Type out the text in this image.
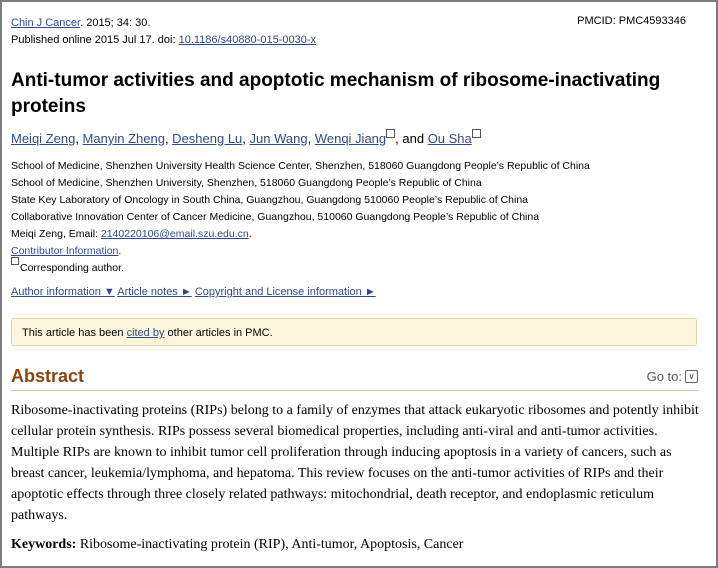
Chin J Cancer. 2015; 34: 30.
Published online 2015 Jul 17. doi: 10.1186/s40880-015-0030-x
PMCID: PMC4593346
Anti-tumor activities and apoptotic mechanism of ribosome-inactivating proteins
Meiqi Zeng, Manyin Zheng, Desheng Lu, Jun Wang, Wenqi Jiang , and Ou Sha
School of Medicine, Shenzhen University Health Science Center, Shenzhen, 518060 Guangdong People’s Republic of China
School of Medicine, Shenzhen University, Shenzhen, 518060 Guangdong People’s Republic of China
State Key Laboratory of Oncology in South China, Guangzhou, Guangdong 510060 People’s Republic of China
Collaborative Innovation Center of Cancer Medicine, Guangzhou, 510060 Guangdong People’s Republic of China
Meiqi Zeng, Email: 2140220106@email.szu.edu.cn.
Contributor Information.
Corresponding author.
Author information ▼ Article notes ► Copyright and License information ►
This article has been cited by other articles in PMC.
Abstract	Go to: ∨

Ribosome-inactivating proteins (RIPs) belong to a family of enzymes that attack eukaryotic ribosomes and potently inhibit cellular protein synthesis. RIPs possess several biomedical properties, including anti-viral and anti-tumor activities. Multiple RIPs are known to inhibit tumor cell proliferation through inducing apoptosis in a variety of cancers, such as breast cancer, leukemia/lymphoma, and hepatoma. This review focuses on the anti-tumor activities of RIPs and their apoptotic effects through three closely related pathways: mitochondrial, death receptor, and endoplasmic reticulum pathways.

Keywords: Ribosome-inactivating protein (RIP), Anti-tumor, Apoptosis, Cancer
